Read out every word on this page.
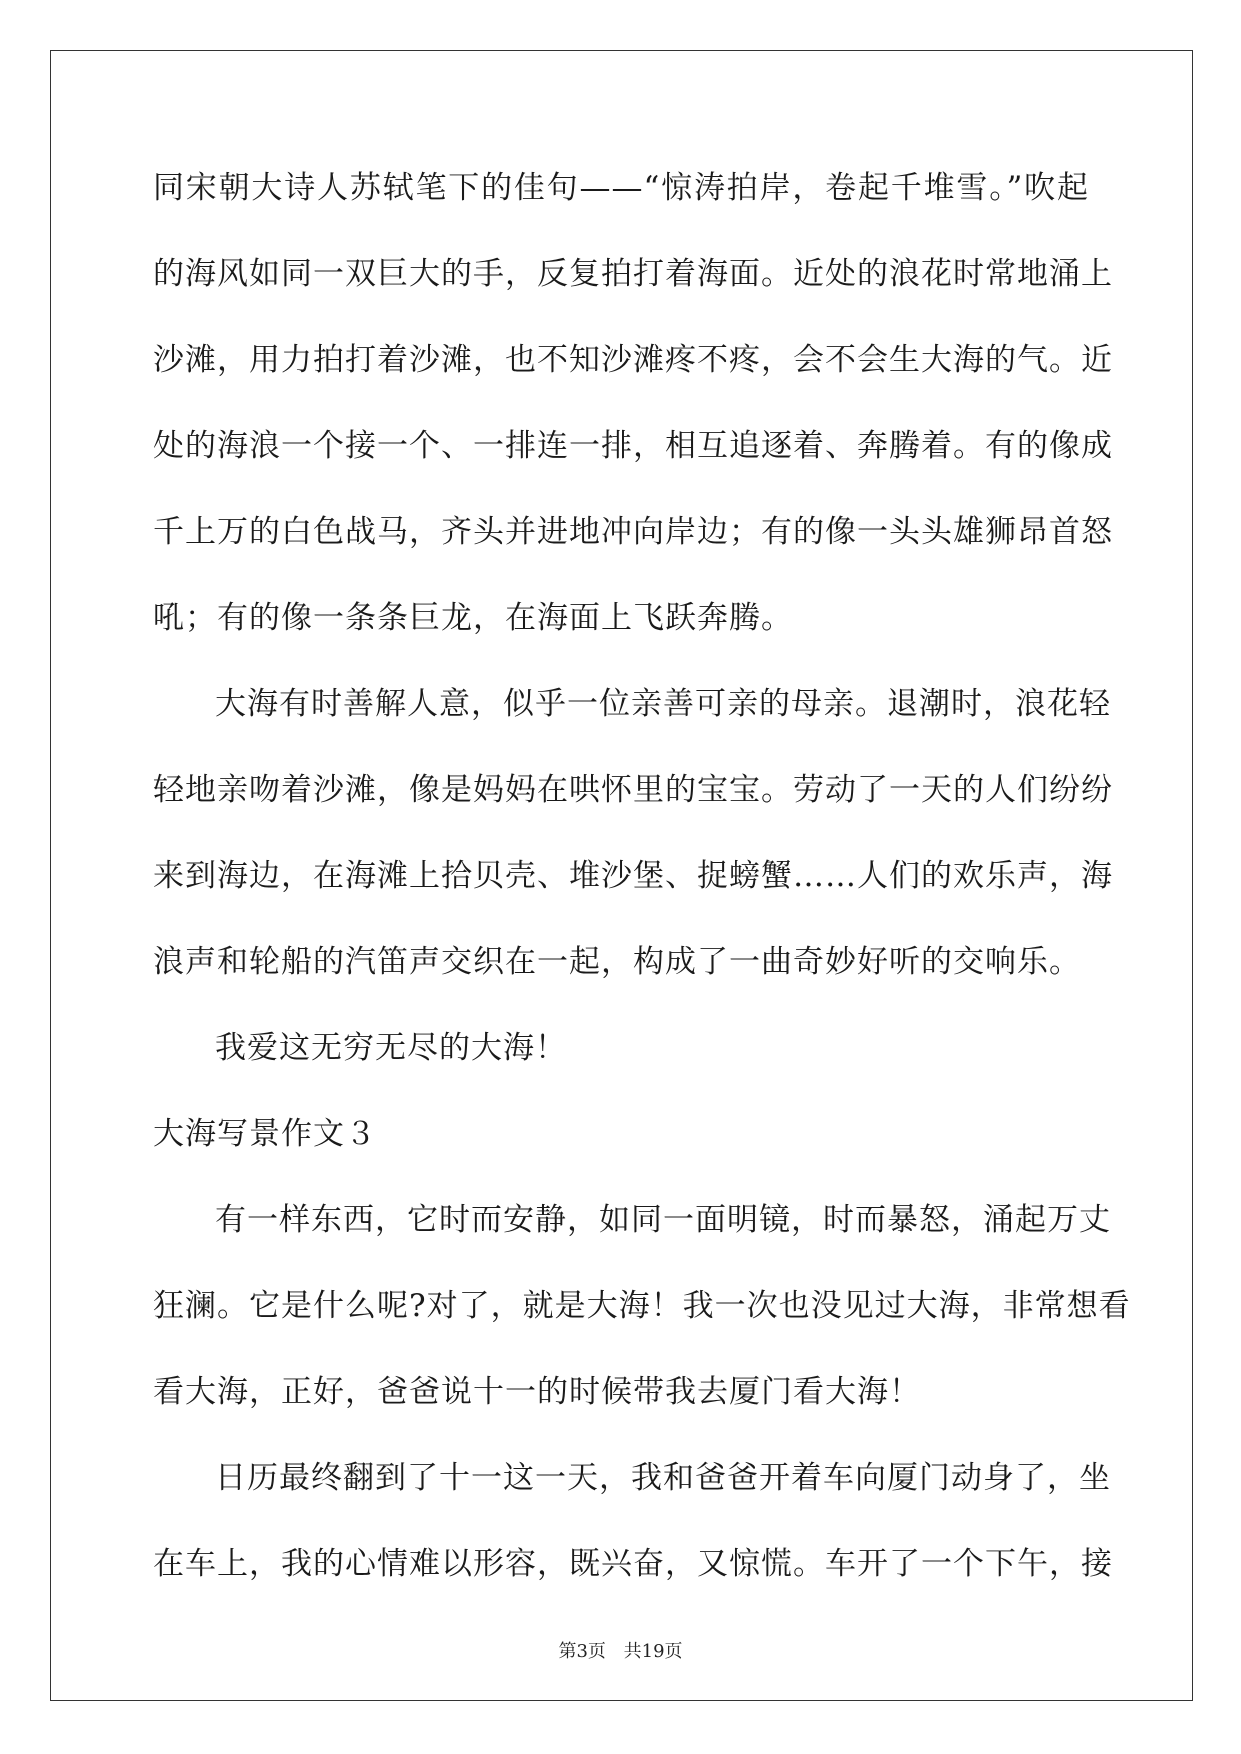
同宋朝大诗人苏轼笔下的佳句——“惊涛拍岸，卷起千堆雪。”吹起
的海风如同一双巨大的手，反复拍打着海面。近处的浪花时常地涌上
沙滩，用力拍打着沙滩，也不知沙滩疼不疼，会不会生大海的气。近
处的海浪一个接一个、一排连一排，相互追逐着、奔腾着。有的像成
千上万的白色战马，齐头并进地冲向岸边；有的像一头头雄狮昂首怒
吼；有的像一条条巨龙，在海面上飞跃奔腾。
大海有时善解人意，似乎一位亲善可亲的母亲。退潮时，浪花轻
轻地亲吻着沙滩，像是妈妈在哄怀里的宝宝。劳动了一天的人们纷纷
来到海边，在海滩上拾贝壳、堆沙堡、捉螃蟹……人们的欢乐声，海
浪声和轮船的汽笛声交织在一起，构成了一曲奇妙好听的交响乐。
我爱这无穷无尽的大海！
大海写景作文３
有一样东西，它时而安静，如同一面明镜，时而暴怒，涌起万丈
狂澜。它是什么呢?对了，就是大海！我一次也没见过大海，非常想看
看大海，正好，爸爸说十一的时候带我去厦门看大海！
日历最终翻到了十一这一天，我和爸爸开着车向厦门动身了，坐
在车上，我的心情难以形容，既兴奋，又惊慌。车开了一个下午，接
第3页 共19页
